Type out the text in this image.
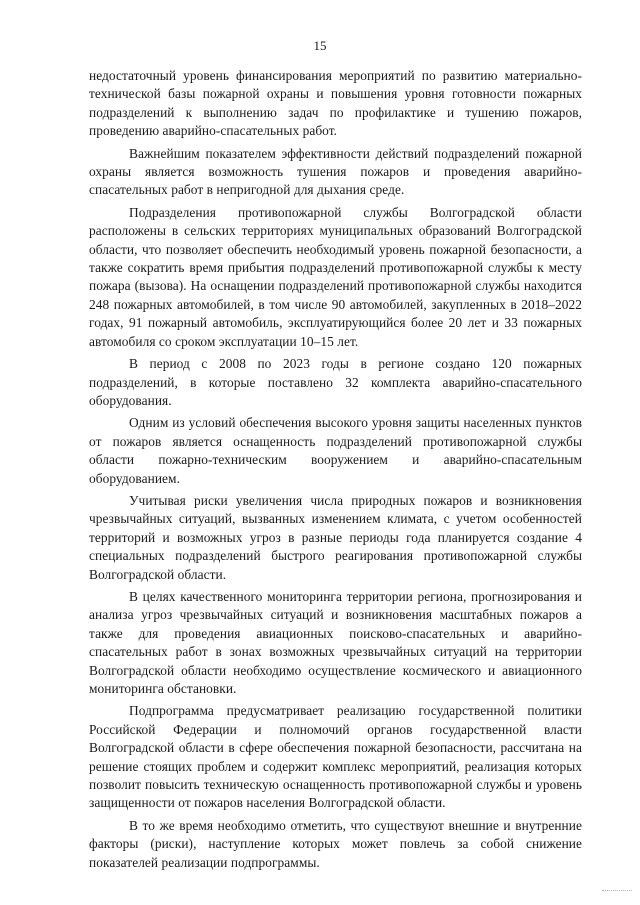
15

недостаточный уровень финансирования мероприятий по развитию материально-технической базы пожарной охраны и повышения уровня готовности пожарных подразделений к выполнению задач по профилактике и тушению пожаров, проведению аварийно-спасательных работ.

Важнейшим показателем эффективности действий подразделений пожарной охраны является возможность тушения пожаров и проведения аварийно-спасательных работ в непригодной для дыхания среде.

Подразделения противопожарной службы Волгоградской области расположены в сельских территориях муниципальных образований Волгоградской области, что позволяет обеспечить необходимый уровень пожарной безопасности, а также сократить время прибытия подразделений противопожарной службы к месту пожара (вызова). На оснащении подразделений противопожарной службы находится 248 пожарных автомобилей, в том числе 90 автомобилей, закупленных в 2018–2022 годах, 91 пожарный автомобиль, эксплуатирующийся более 20 лет и 33 пожарных автомобиля со сроком эксплуатации 10–15 лет.

В период с 2008 по 2023 годы в регионе создано 120 пожарных подразделений, в которые поставлено 32 комплекта аварийно-спасательного оборудования.

Одним из условий обеспечения высокого уровня защиты населенных пунктов от пожаров является оснащенность подразделений противопожарной службы области пожарно-техническим вооружением и аварийно-спасательным оборудованием.

Учитывая риски увеличения числа природных пожаров и возникновения чрезвычайных ситуаций, вызванных изменением климата, с учетом особенностей территорий и возможных угроз в разные периоды года планируется создание 4 специальных подразделений быстрого реагирования противопожарной службы Волгоградской области.

В целях качественного мониторинга территории региона, прогнозирования и анализа угроз чрезвычайных ситуаций и возникновения масштабных пожаров а также для проведения авиационных поисково-спасательных и аварийно-спасательных работ в зонах возможных чрезвычайных ситуаций на территории Волгоградской области необходимо осуществление космического и авиационного мониторинга обстановки.

Подпрограмма предусматривает реализацию государственной политики Российской Федерации и полномочий органов государственной власти Волгоградской области в сфере обеспечения пожарной безопасности, рассчитана на решение стоящих проблем и содержит комплекс мероприятий, реализация которых позволит повысить техническую оснащенность противопожарной службы и уровень защищенности от пожаров населения Волгоградской области.

В то же время необходимо отметить, что существуют внешние и внутренние факторы (риски), наступление которых может повлечь за собой снижение показателей реализации подпрограммы.
